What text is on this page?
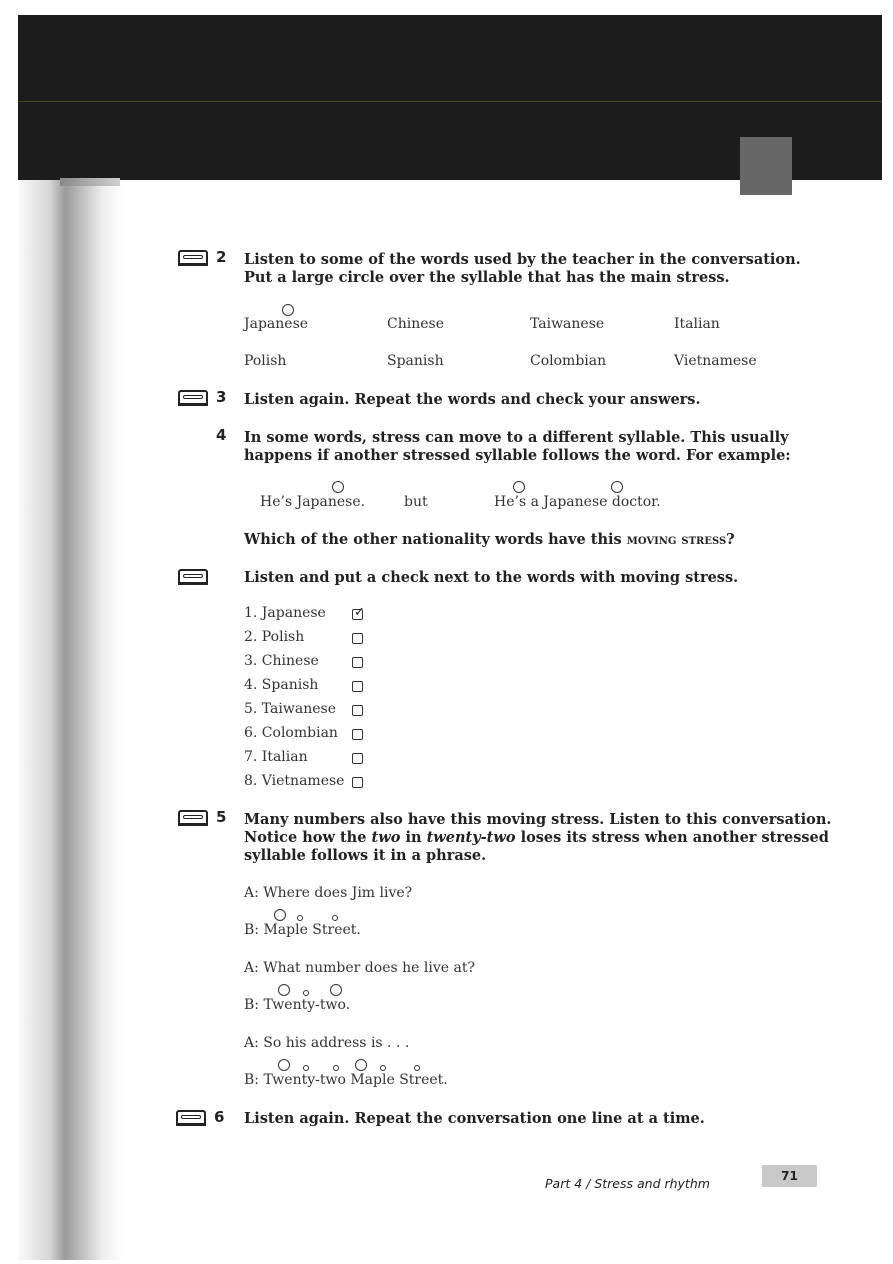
2 Listen to some of the words used by the teacher in the conversation. Put a large circle over the syllable that has the main stress.
Japanese	Chinese	Taiwanese	Italian
Polish	Spanish	Colombian	Vietnamese
3 Listen again. Repeat the words and check your answers.
4 In some words, stress can move to a different syllable. This usually happens if another stressed syllable follows the word. For example:
He’s Japanese.	but	He’s a Japanese doctor.
Which of the other nationality words have this moving stress?
Listen and put a check next to the words with moving stress.
1. Japanese ✓
2. Polish
3. Chinese
4. Spanish
5. Taiwanese
6. Colombian
7. Italian
8. Vietnamese
5 Many numbers also have this moving stress. Listen to this conversation.
Notice how the two in twenty-two loses its stress when another stressed
syllable follows it in a phrase.
A: Where does Jim live?
B: Maple Street.
A: What number does he live at?
B: Twenty-two.
A: So his address is . . .
B: Twenty-two Maple Street.
6 Listen again. Repeat the conversation one line at a time.
Part 4 / Stress and rhythm	71
